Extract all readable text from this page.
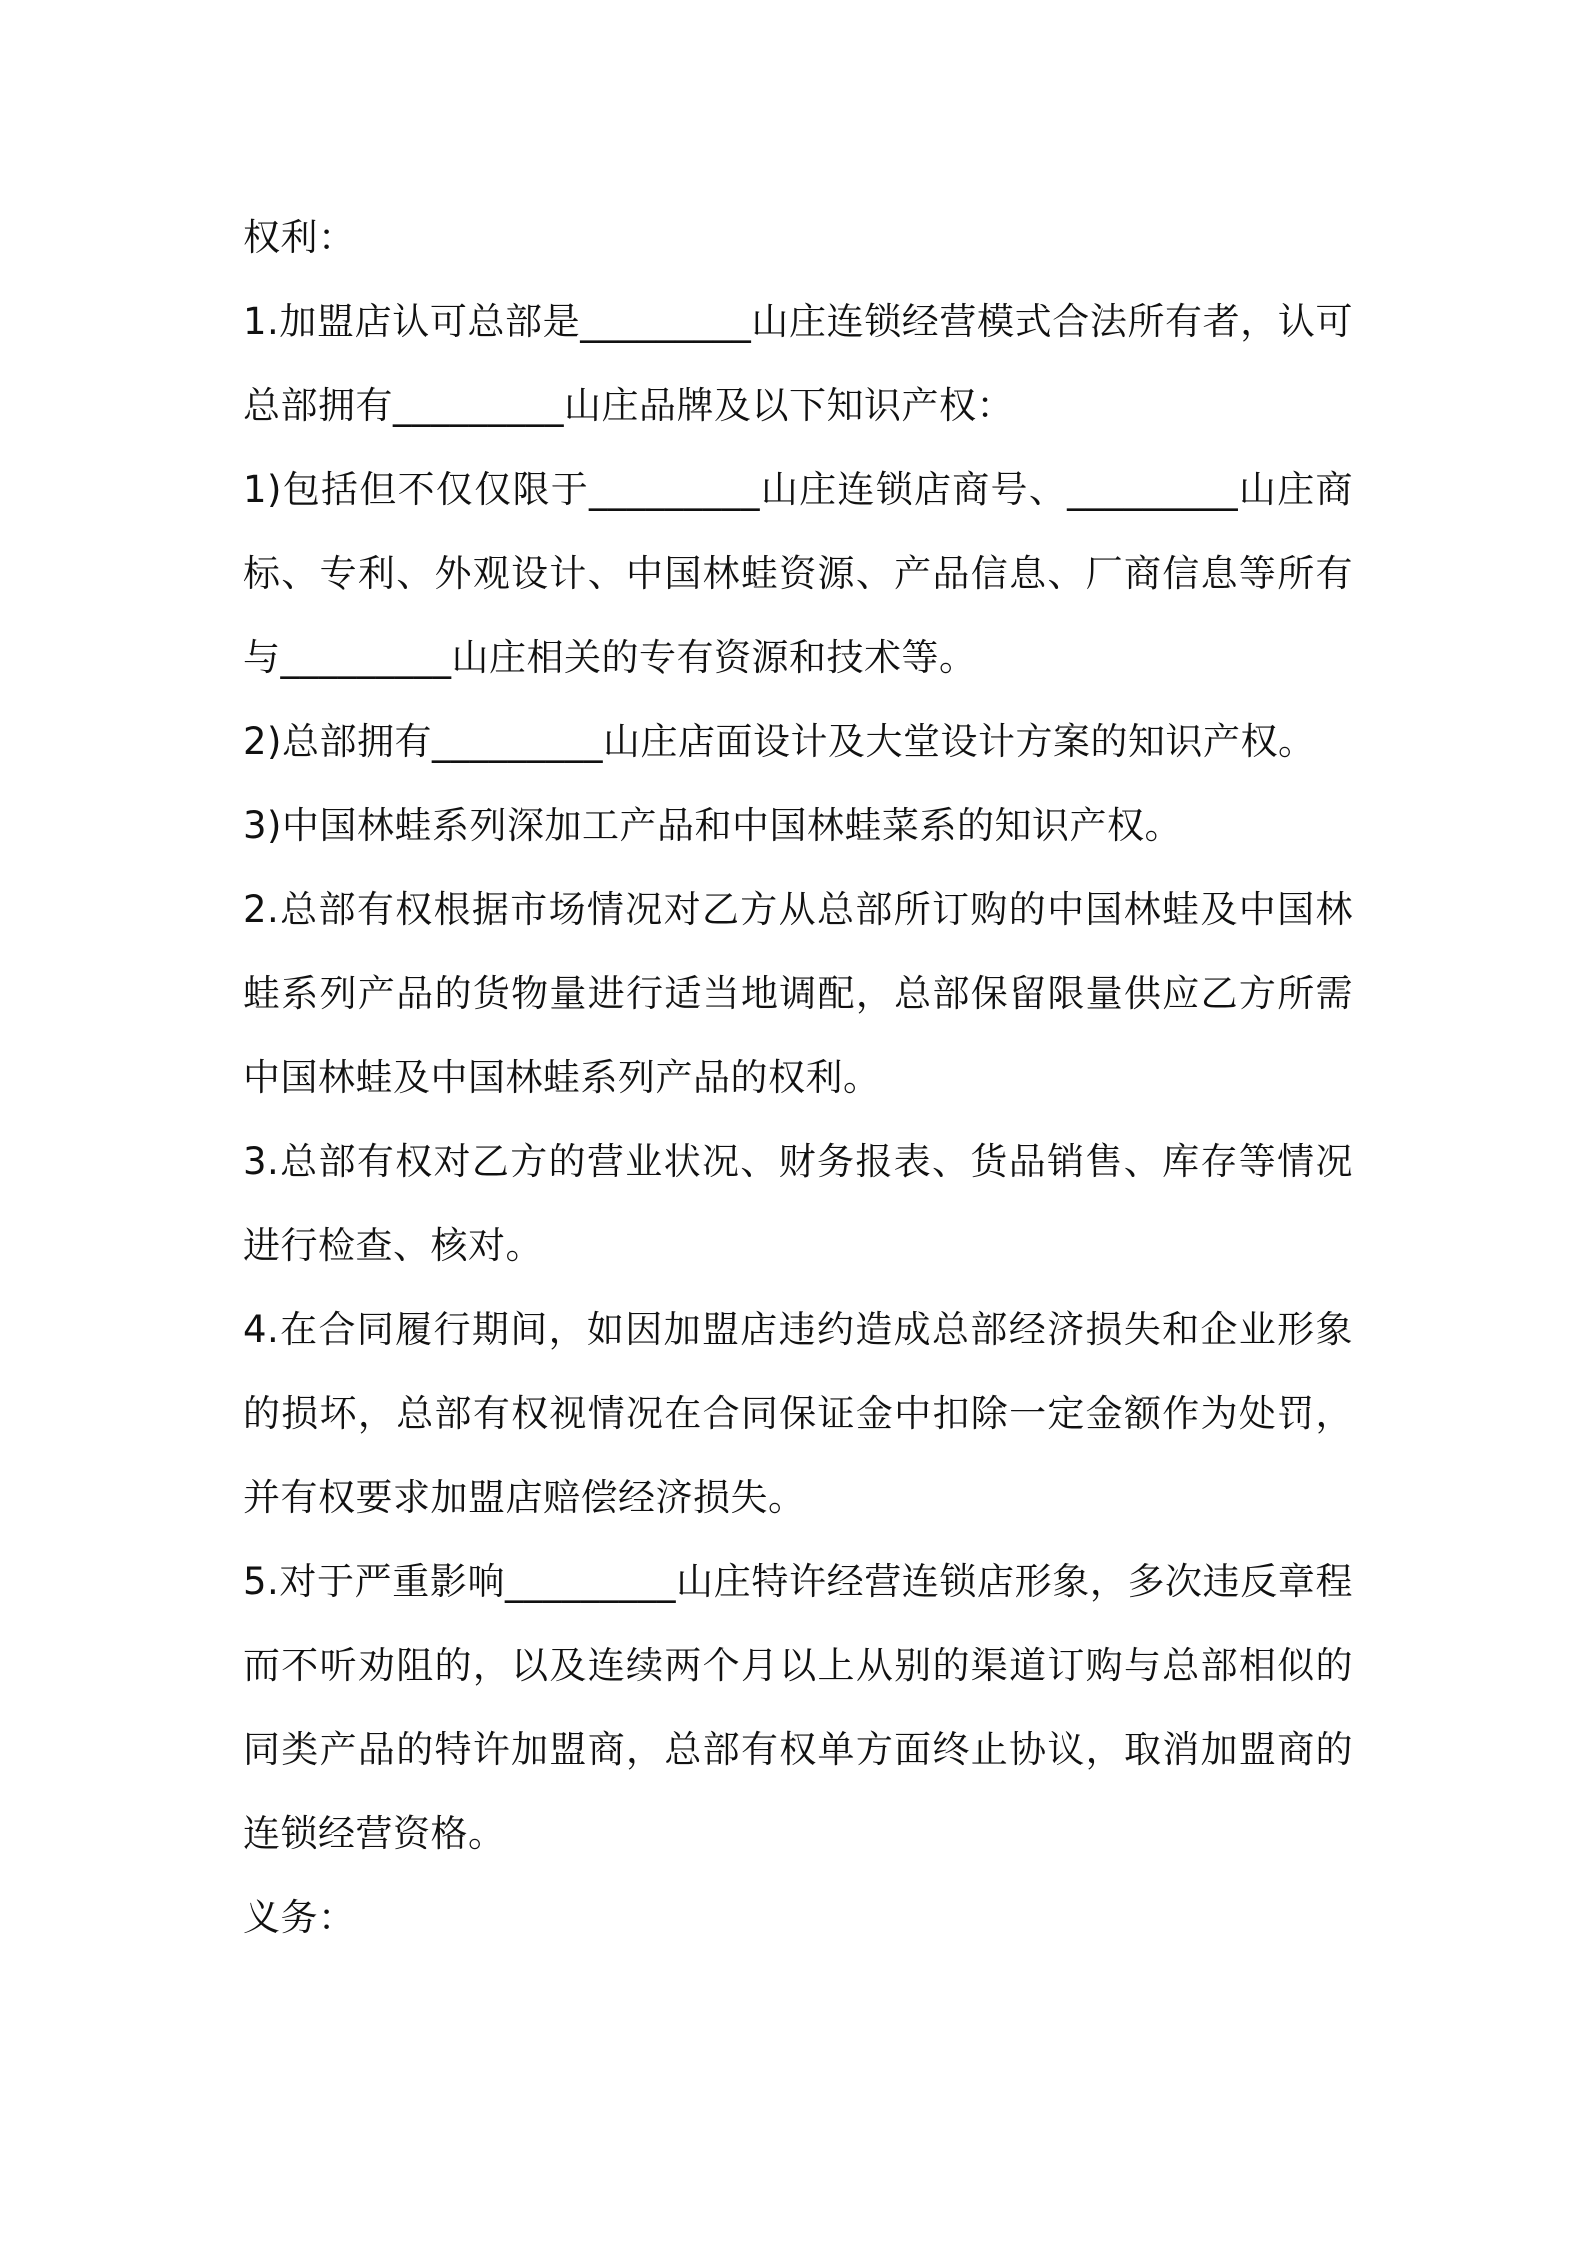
权利：

1.加盟店认可总部是_________山庄连锁经营模式合法所有者，认可总部拥有_________山庄品牌及以下知识产权：

1)包括但不仅仅限于_________山庄连锁店商号、_________山庄商标、专利、外观设计、中国林蛙资源、产品信息、厂商信息等所有与_________山庄相关的专有资源和技术等。

2)总部拥有_________山庄店面设计及大堂设计方案的知识产权。

3)中国林蛙系列深加工产品和中国林蛙菜系的知识产权。

2.总部有权根据市场情况对乙方从总部所订购的中国林蛙及中国林蛙系列产品的货物量进行适当地调配，总部保留限量供应乙方所需中国林蛙及中国林蛙系列产品的权利。

3.总部有权对乙方的营业状况、财务报表、货品销售、库存等情况进行检查、核对。

4.在合同履行期间，如因加盟店违约造成总部经济损失和企业形象的损坏，总部有权视情况在合同保证金中扣除一定金额作为处罚，并有权要求加盟店赔偿经济损失。

5.对于严重影响_________山庄特许经营连锁店形象，多次违反章程而不听劝阻的，以及连续两个月以上从别的渠道订购与总部相似的同类产品的特许加盟商，总部有权单方面终止协议，取消加盟商的连锁经营资格。

义务：
